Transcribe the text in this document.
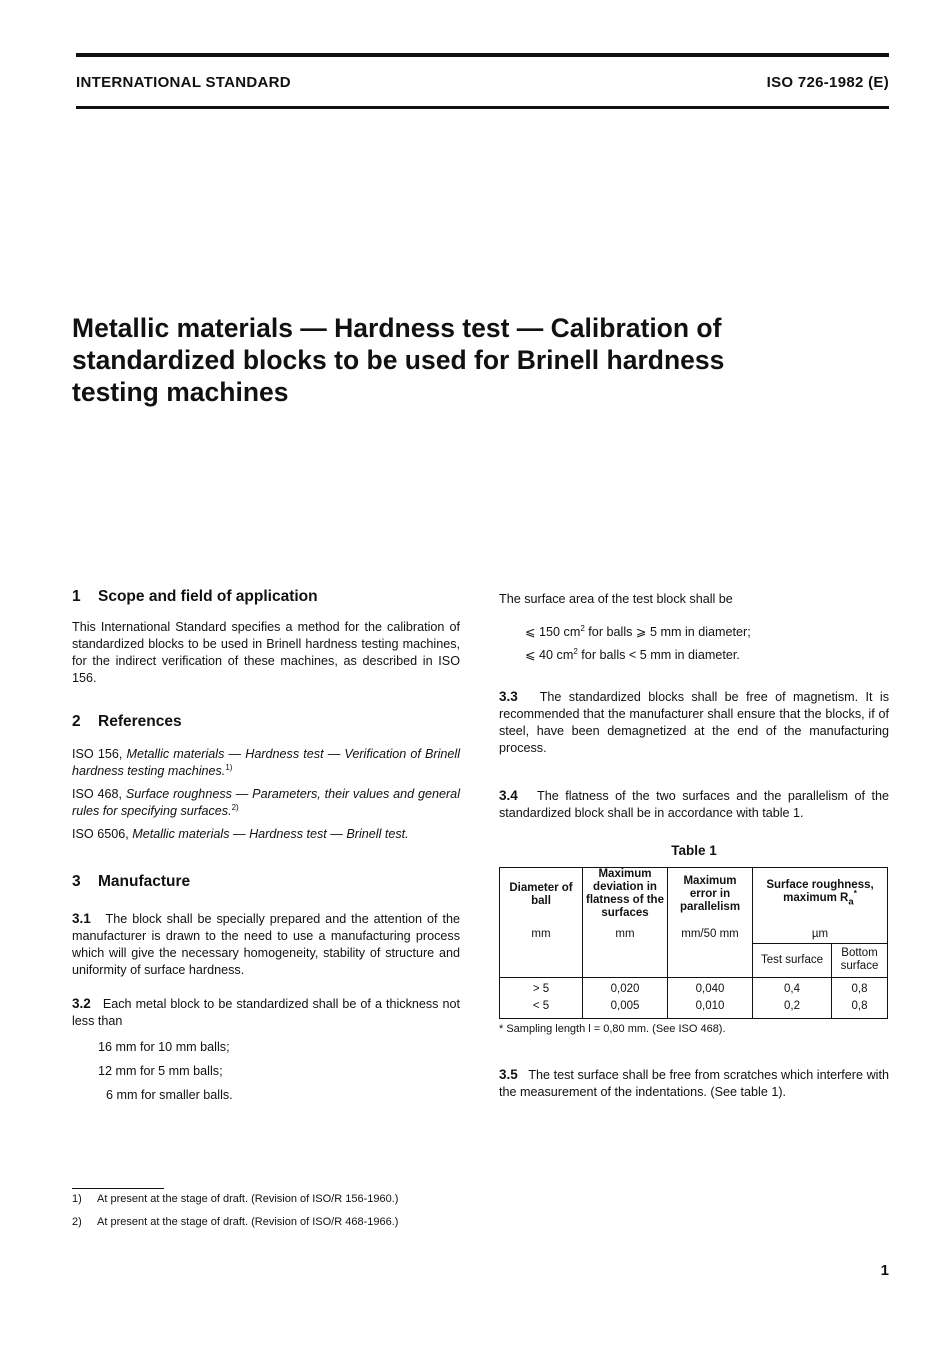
INTERNATIONAL STANDARD	ISO 726-1982 (E)
Metallic materials — Hardness test — Calibration of
standardized blocks to be used for Brinell hardness
testing machines
1 Scope and field of application

This International Standard specifies a method for the calibration of standardized blocks to be used in Brinell hardness testing machines, for the indirect verification of these machines, as described in ISO 156.

2 References

ISO 156, Metallic materials — Hardness test — Verification of Brinell hardness testing machines.$^{1)}$

ISO 468, Surface roughness — Parameters, their values and general rules for specifying surfaces.$^{2)}$

ISO 6506, Metallic materials — Hardness test — Brinell test.

3 Manufacture

3.1 The block shall be specially prepared and the attention of the manufacturer is drawn to the need to use a manufacturing process which will give the necessary homogeneity, stability of structure and uniformity of surface hardness.

3.2 Each metal block to be standardized shall be of a thickness not less than

16 mm for 10 mm balls;

12 mm for 5 mm balls;

6 mm for smaller balls.

The surface area of the test block shall be

⩽ 150 $cm^2$ for balls ⩾ 5 mm in diameter;

⩽ 40 $cm^2$ for balls < 5 mm in diameter.

3.3 The standardized blocks shall be free of magnetism. It is recommended that the manufacturer shall ensure that the blocks, if of steel, have been demagnetized at the end of the manufacturing process.

3.4 The flatness of the two surfaces and the parallelism of the standardized block shall be in accordance with table 1.

Table 1

Diameter of ball	Maximum deviation in flatness of the surfaces	Maximum error in parallelism	Surface roughness, maximum $R_a^*$

mm	mm	mm/50 mm	µm	
			Test surface	Bottom surface
> 5	0,020	0,040	0,4	0,8
< 5	0,005	0,010	0,2	0,8

* Sampling length l = 0,80 mm. (See ISO 468).

3.5 The test surface shall be free from scratches which interfere with the measurement of the indentations. (See table 1).

1) At present at the stage of draft. (Revision of ISO/R 156-1960.)
2) At present at the stage of draft. (Revision of ISO/R 468-1966.)
1
